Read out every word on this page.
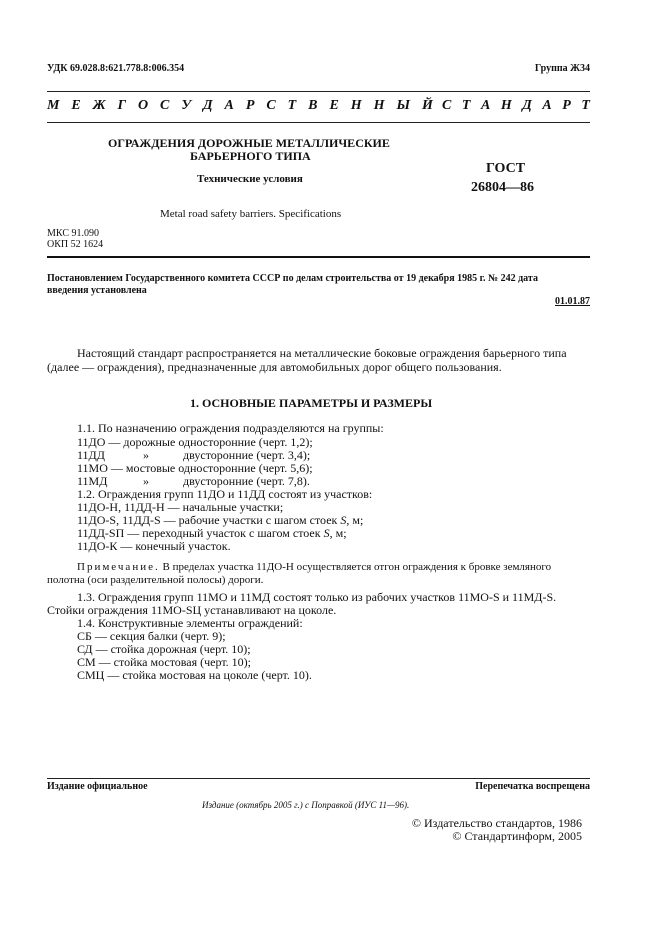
УДК 69.028.8:621.778.8:006.354	Группа Ж34
М Е Ж Г О С У Д А Р С Т В Е Н Н Ы Й С Т А Н Д А Р Т
ОГРАЖДЕНИЯ ДОРОЖНЫЕ МЕТАЛЛИЧЕСКИЕ
БАРЬЕРНОГО ТИПА
Технические условия
Metal road safety barriers. Specifications
ГОСТ
26804—86
МКС 91.090
ОКП 52 1624
Постановлением Государственного комитета СССР по делам строительства от 19 декабря 1985 г. № 242 дата
введения установлена
01.01.87
Настоящий стандарт распространяется на металлические боковые ограждения барьерного типа
(далее — ограждения), предназначенные для автомобильных дорог общего пользования.
1. ОСНОВНЫЕ ПАРАМЕТРЫ И РАЗМЕРЫ
1.1. По назначению ограждения подразделяются на группы:
11ДО — дорожные односторонние (черт. 1,2);
11ДД	»	двусторонние (черт. 3,4);
11МО — мостовые односторонние (черт. 5,6);
11МД	»	двусторонние (черт. 7,8).
1.2. Ограждения групп 11ДО и 11ДД состоят из участков:
11ДО-Н, 11ДД-Н — начальные участки;
11ДО-S, 11ДД-S — рабочие участки с шагом стоек S, м;
11ДД-SП — переходный участок с шагом стоек S, м;
11ДО-К — конечный участок.
Примечание. В пределах участка 11ДО-Н осуществляется отгон ограждения к бровке земляного
полотна (оси разделительной полосы) дороги.
1.3. Ограждения групп 11МО и 11МД состоят только из рабочих участков 11МО-S и 11МД-S.
Стойки ограждения 11МО-SЦ устанавливают на цоколе.
1.4. Конструктивные элементы ограждений:
СБ — секция балки (черт. 9);
СД — стойка дорожная (черт. 10);
СМ — стойка мостовая (черт. 10);
СМЦ — стойка мостовая на цоколе (черт. 10).
Издание официальное	Перепечатка воспрещена
Издание (октябрь 2005 г.) с Поправкой (ИУС 11—96).
© Издательство стандартов, 1986
© Стандартинформ, 2005
